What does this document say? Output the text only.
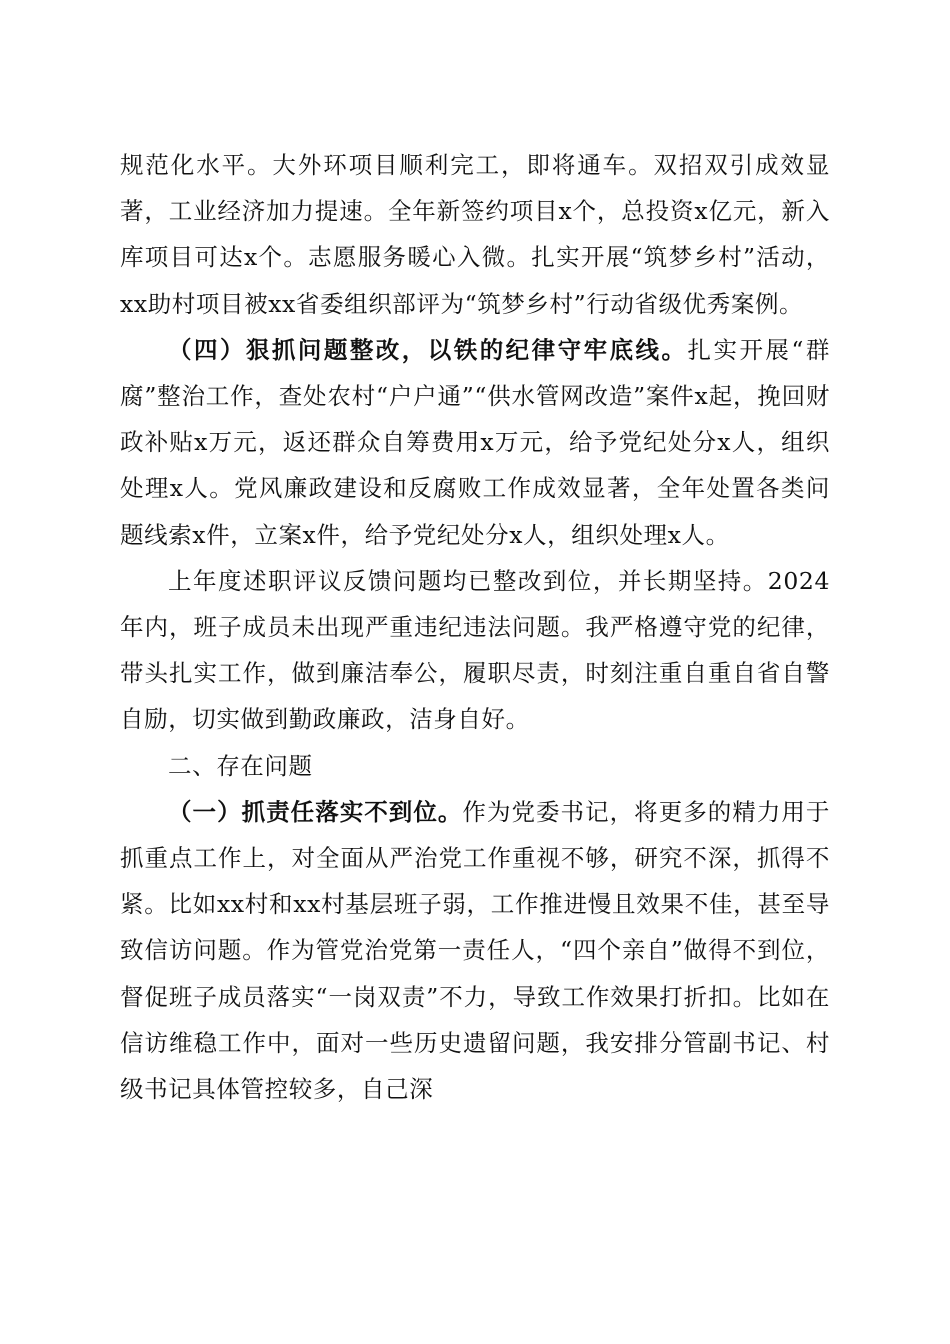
规范化水平。大外环项目顺利完工，即将通车。双招双引成效显著，工业经济加力提速。全年新签约项目x个，总投资x亿元，新入库项目可达x个。志愿服务暖心入微。扎实开展“筑梦乡村”活动，xx助村项目被xx省委组织部评为“筑梦乡村”行动省级优秀案例。

（四）狠抓问题整改，以铁的纪律守牢底线。扎实开展“群腐”整治工作，查处农村“户户通”“供水管网改造”案件x起，挽回财政补贴x万元，返还群众自筹费用x万元，给予党纪处分x人，组织处理x人。党风廉政建设和反腐败工作成效显著，全年处置各类问题线索x件，立案x件，给予党纪处分x人，组织处理x人。

上年度述职评议反馈问题均已整改到位，并长期坚持。2024年内，班子成员未出现严重违纪违法问题。我严格遵守党的纪律，带头扎实工作，做到廉洁奉公，履职尽责，时刻注重自重自省自警自励，切实做到勤政廉政，洁身自好。

二、存在问题

（一）抓责任落实不到位。作为党委书记，将更多的精力用于抓重点工作上，对全面从严治党工作重视不够，研究不深，抓得不紧。比如xx村和xx村基层班子弱，工作推进慢且效果不佳，甚至导致信访问题。作为管党治党第一责任人，“四个亲自”做得不到位，督促班子成员落实“一岗双责”不力，导致工作效果打折扣。比如在信访维稳工作中，面对一些历史遗留问题，我安排分管副书记、村级书记具体管控较多，自己深
